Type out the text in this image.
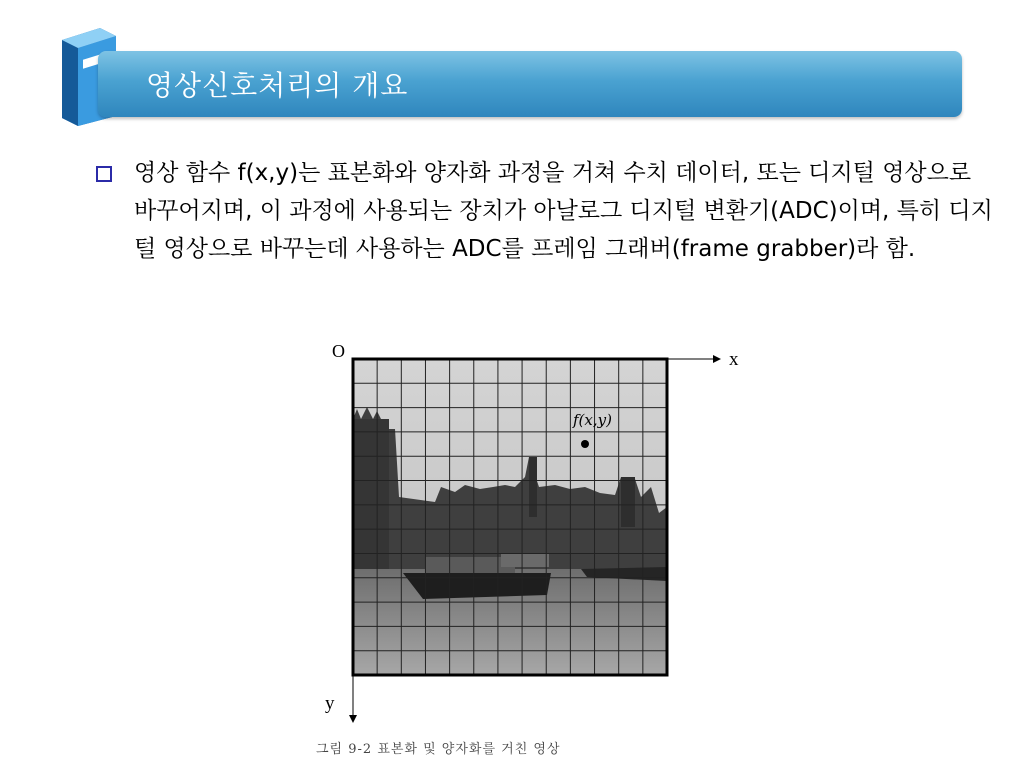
영상신호처리의 개요

영상 함수 f(x,y)는 표본화와 양자화 과정을 거쳐 수치 데이터, 또는 디지털 영상으로 바꾸어지며, 이 과정에 사용되는 장치가 아날로그 디지털 변환기(ADC)이며, 특히 디지털 영상으로 바꾸는데 사용하는 ADC를 프레임 그래버(frame grabber)라 함.

O	x
y
f(x,y)
그림 9-2 표본화 및 양자화를 거친 영상
